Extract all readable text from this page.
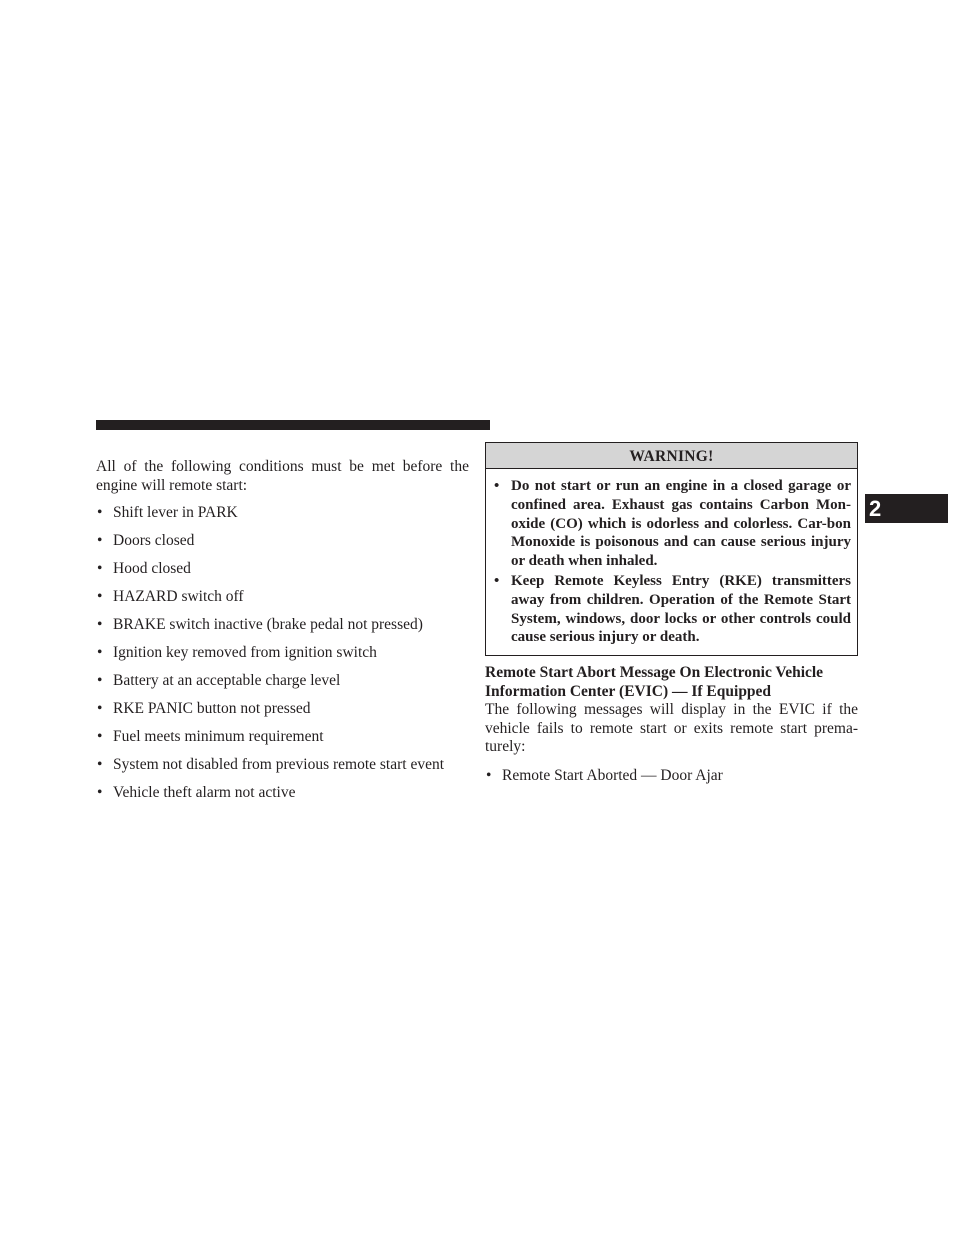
All of the following conditions must be met before the engine will remote start:

• Shift lever in PARK
• Doors closed
• Hood closed
• HAZARD switch off
• BRAKE switch inactive (brake pedal not pressed)
• Ignition key removed from ignition switch
• Battery at an acceptable charge level
• RKE PANIC button not pressed
• Fuel meets minimum requirement
• System not disabled from previous remote start event
• Vehicle theft alarm not active
WARNING!
• Do not start or run an engine in a closed garage or confined area. Exhaust gas contains Carbon Mon-oxide (CO) which is odorless and colorless. Car-bon Monoxide is poisonous and can cause serious injury or death when inhaled.
• Keep Remote Keyless Entry (RKE) transmitters away from children. Operation of the Remote Start System, windows, door locks or other controls could cause serious injury or death.

Remote Start Abort Message On Electronic Vehicle Information Center (EVIC) — If Equipped

The following messages will display in the EVIC if the vehicle fails to remote start or exits remote start prema-turely:

• Remote Start Aborted — Door Ajar
2
